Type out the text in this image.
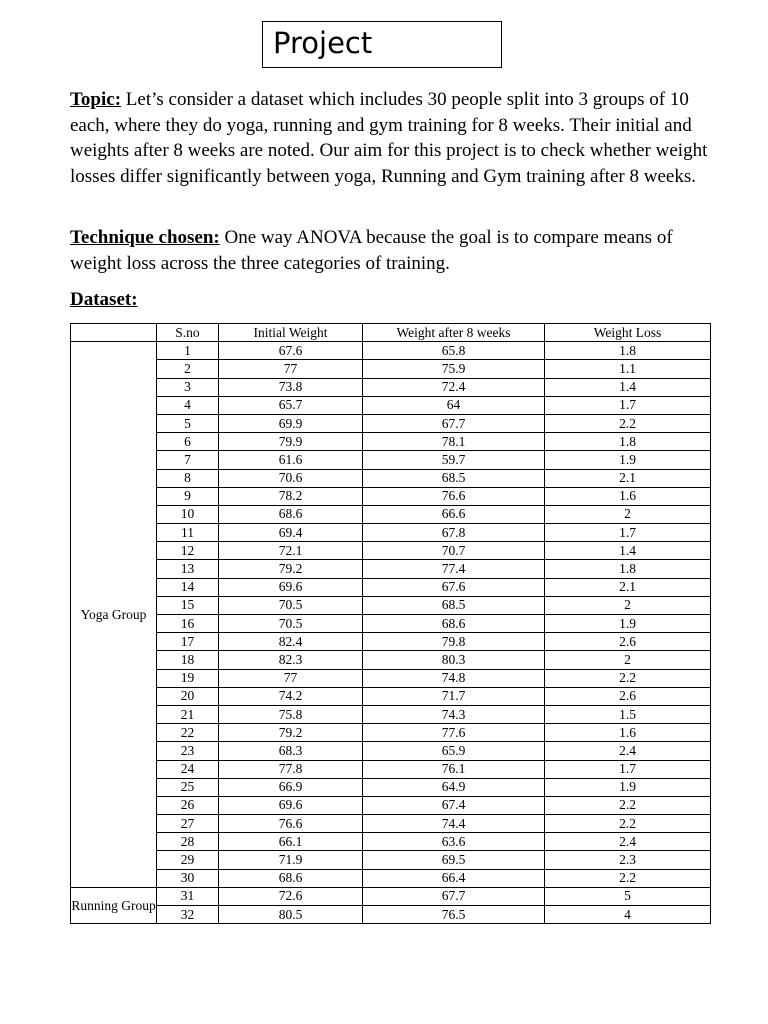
Project

Topic: Let’s consider a dataset which includes 30 people split into 3 groups of 10 each, where they do yoga, running and gym training for 8 weeks. Their initial and weights after 8 weeks are noted. Our aim for this project is to check whether weight losses differ significantly between yoga, Running and Gym training after 8 weeks.

Technique chosen: One way ANOVA because the goal is to compare means of weight loss across the three categories of training.

Dataset:

	S.no	Initial Weight	Weight after 8 weeks	Weight Loss
Yoga Group	1	67.6	65.8	1.8
	2	77	75.9	1.1
	3	73.8	72.4	1.4
	4	65.7	64	1.7
	5	69.9	67.7	2.2
	6	79.9	78.1	1.8
	7	61.6	59.7	1.9
	8	70.6	68.5	2.1
	9	78.2	76.6	1.6
	10	68.6	66.6	2
	11	69.4	67.8	1.7
	12	72.1	70.7	1.4
	13	79.2	77.4	1.8
	14	69.6	67.6	2.1
	15	70.5	68.5	2
	16	70.5	68.6	1.9
	17	82.4	79.8	2.6
	18	82.3	80.3	2
	19	77	74.8	2.2
	20	74.2	71.7	2.6
	21	75.8	74.3	1.5
	22	79.2	77.6	1.6
	23	68.3	65.9	2.4
	24	77.8	76.1	1.7
	25	66.9	64.9	1.9
	26	69.6	67.4	2.2
	27	76.6	74.4	2.2
	28	66.1	63.6	2.4
	29	71.9	69.5	2.3
	30	68.6	66.4	2.2
Running Group	31	72.6	67.7	5
	32	80.5	76.5	4
